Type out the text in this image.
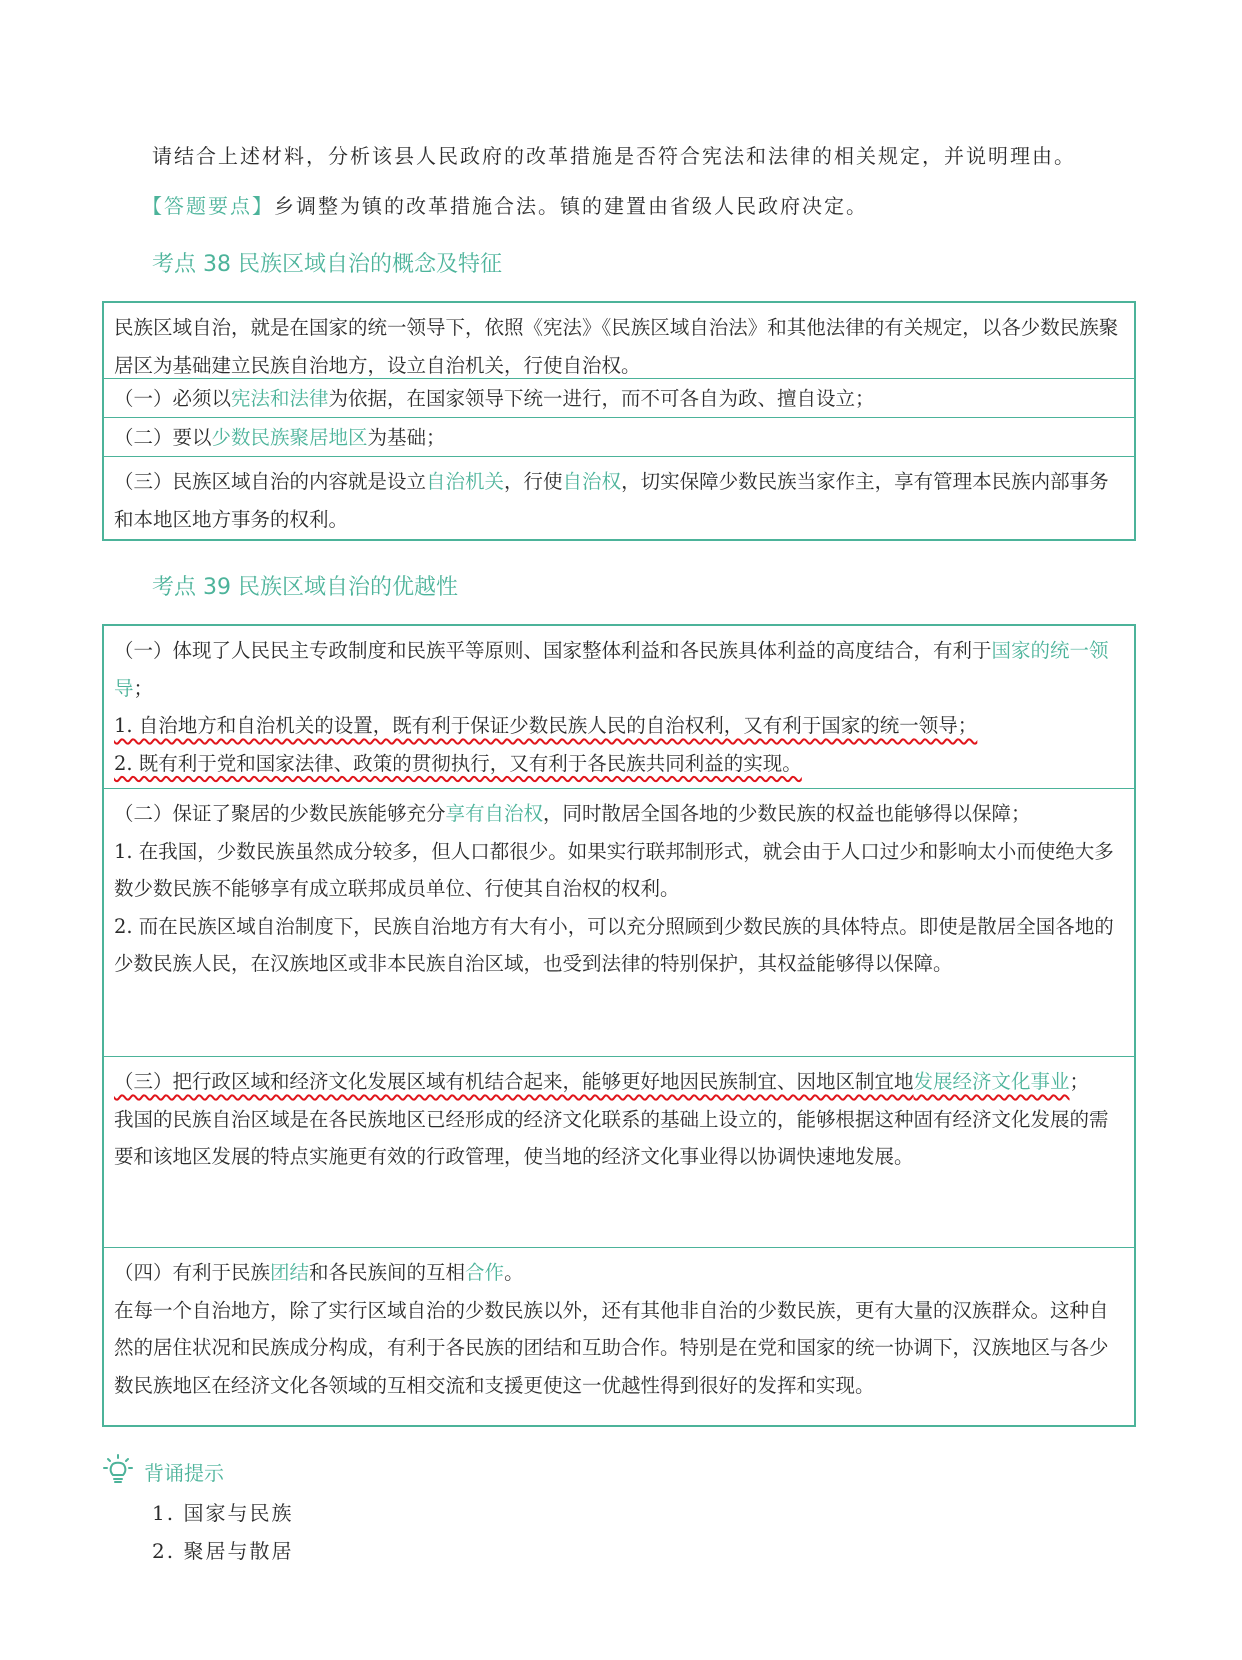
请结合上述材料，分析该县人民政府的改革措施是否符合宪法和法律的相关规定，并说明理由。
【答题要点】乡调整为镇的改革措施合法。镇的建置由省级人民政府决定。
考点 38 民族区域自治的概念及特征
民族区域自治，就是在国家的统一领导下，依照《宪法》《民族区域自治法》和其他法律的有关规定，以各少数民族聚居区为基础建立民族自治地方，设立自治机关，行使自治权。
（一）必须以宪法和法律为依据，在国家领导下统一进行，而不可各自为政、擅自设立；
（二）要以少数民族聚居地区为基础；
（三）民族区域自治的内容就是设立自治机关，行使自治权，切实保障少数民族当家作主，享有管理本民族内部事务和本地区地方事务的权利。
考点 39 民族区域自治的优越性
（一）体现了人民民主专政制度和民族平等原则、国家整体利益和各民族具体利益的高度结合，有利于国家的统一领导；
1. 自治地方和自治机关的设置，既有利于保证少数民族人民的自治权利，又有利于国家的统一领导；
2. 既有利于党和国家法律、政策的贯彻执行，又有利于各民族共同利益的实现。
（二）保证了聚居的少数民族能够充分享有自治权，同时散居全国各地的少数民族的权益也能够得以保障；
1. 在我国，少数民族虽然成分较多，但人口都很少。如果实行联邦制形式，就会由于人口过少和影响太小而使绝大多数少数民族不能够享有成立联邦成员单位、行使其自治权的权利。
2. 而在民族区域自治制度下，民族自治地方有大有小，可以充分照顾到少数民族的具体特点。即使是散居全国各地的少数民族人民，在汉族地区或非本民族自治区域，也受到法律的特别保护，其权益能够得以保障。
（三）把行政区域和经济文化发展区域有机结合起来，能够更好地因民族制宜、因地区制宜地发展经济文化事业；
我国的民族自治区域是在各民族地区已经形成的经济文化联系的基础上设立的，能够根据这种固有经济文化发展的需要和该地区发展的特点实施更有效的行政管理，使当地的经济文化事业得以协调快速地发展。
（四）有利于民族团结和各民族间的互相合作。
在每一个自治地方，除了实行区域自治的少数民族以外，还有其他非自治的少数民族，更有大量的汉族群众。这种自然的居住状况和民族成分构成，有利于各民族的团结和互助合作。特别是在党和国家的统一协调下，汉族地区与各少数民族地区在经济文化各领域的互相交流和支援更使这一优越性得到很好的发挥和实现。
背诵提示
1. 国家与民族
2. 聚居与散居
